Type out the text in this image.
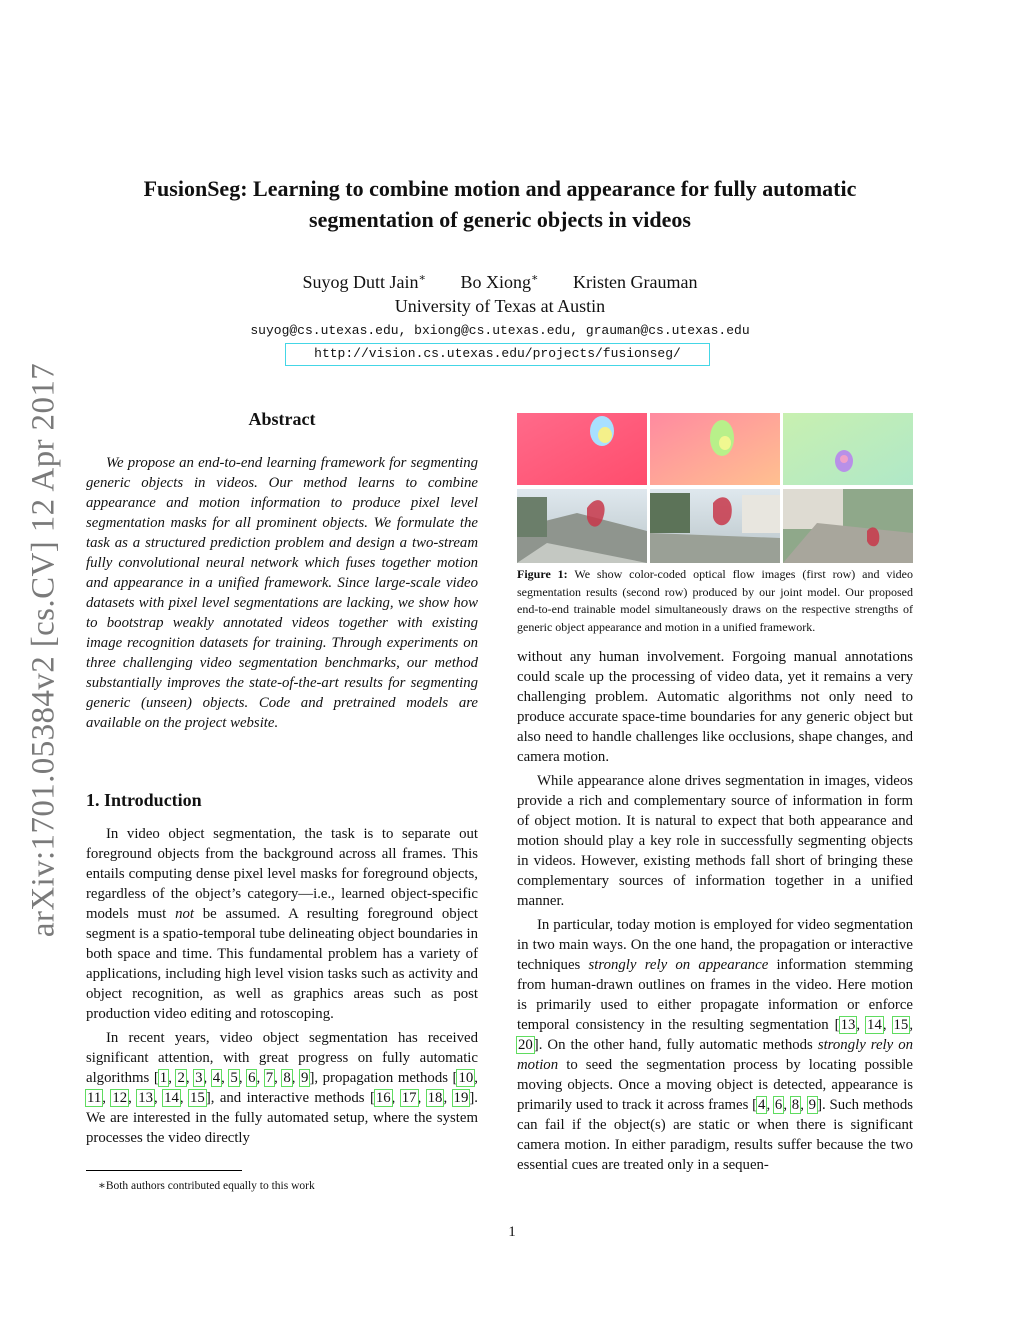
arXiv:1701.05384v2 [cs.CV] 12 Apr 2017
FusionSeg: Learning to combine motion and appearance for fully automatic segmentation of generic objects in videos
Suyog Dutt Jain∗ Bo Xiong∗ Kristen Grauman
University of Texas at Austin
suyog@cs.utexas.edu, bxiong@cs.utexas.edu, grauman@cs.utexas.edu
http://vision.cs.utexas.edu/projects/fusionseg/
Abstract

We propose an end-to-end learning framework for segmenting generic objects in videos. Our method learns to combine appearance and motion information to produce pixel level segmentation masks for all prominent objects. We formulate the task as a structured prediction problem and design a two-stream fully convolutional neural network which fuses together motion and appearance in a unified framework. Since large-scale video datasets with pixel level segmentations are lacking, we show how to bootstrap weakly annotated videos together with existing image recognition datasets for training. Through experiments on three challenging video segmentation benchmarks, our method substantially improves the state-of-the-art results for segmenting generic (unseen) objects. Code and pretrained models are available on the project website.

1. Introduction

In video object segmentation, the task is to separate out foreground objects from the background across all frames. This entails computing dense pixel level masks for foreground objects, regardless of the object’s category—i.e., learned object-specific models must not be assumed. A resulting foreground object segment is a spatio-temporal tube delineating object boundaries in both space and time. This fundamental problem has a variety of applications, including high level vision tasks such as activity and object recognition, as well as graphics areas such as post production video editing and rotoscoping.

In recent years, video object segmentation has received significant attention, with great progress on fully automatic algorithms [1, 2, 3, 4, 5, 6, 7, 8, 9], propagation methods [10, 11, 12, 13, 14, 15], and interactive methods [16, 17, 18, 19]. We are interested in the fully automated setup, where the system processes the video directly

∗Both authors contributed equally to this work
Figure 1: We show color-coded optical flow images (first row) and video segmentation results (second row) produced by our joint model. Our proposed end-to-end trainable model simultaneously draws on the respective strengths of generic object appearance and motion in a unified framework.

without any human involvement. Forgoing manual annotations could scale up the processing of video data, yet it remains a very challenging problem. Automatic algorithms not only need to produce accurate space-time boundaries for any generic object but also need to handle challenges like occlusions, shape changes, and camera motion.

While appearance alone drives segmentation in images, videos provide a rich and complementary source of information in form of object motion. It is natural to expect that both appearance and motion should play a key role in successfully segmenting objects in videos. However, existing methods fall short of bringing these complementary sources of information together in a unified manner.

In particular, today motion is employed for video segmentation in two main ways. On the one hand, the propagation or interactive techniques strongly rely on appearance information stemming from human-drawn outlines on frames in the video. Here motion is primarily used to either propagate information or enforce temporal consistency in the resulting segmentation [13, 14, 15, 20]. On the other hand, fully automatic methods strongly rely on motion to seed the segmentation process by locating possible moving objects. Once a moving object is detected, appearance is primarily used to track it across frames [4, 6, 8, 9]. Such methods can fail if the object(s) are static or when there is significant camera motion. In either paradigm, results suffer because the two essential cues are treated only in a sequen-

1
